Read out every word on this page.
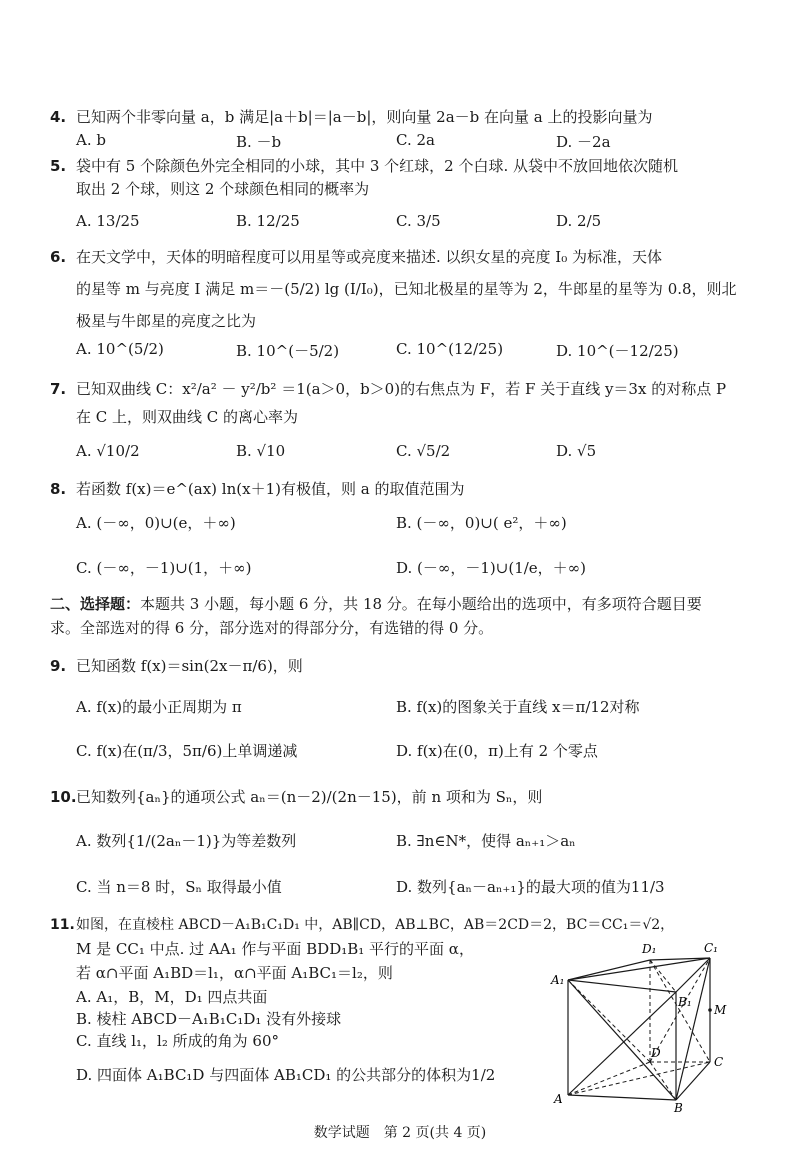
4. 已知两个非零向量 a，b 满足|a＋b|＝|a－b|，则向量 2a－b 在向量 a 上的投影向量为
A. b	B. －b	C. 2a	D. －2a
5. 袋中有 5 个除颜色外完全相同的小球，其中 3 个红球，2 个白球. 从袋中不放回地依次随机
取出 2 个球，则这 2 个球颜色相同的概率为
A. 13/25	B. 12/25	C. 3/5	D. 2/5
6. 在天文学中，天体的明暗程度可以用星等或亮度来描述. 以织女星的亮度 I₀ 为标准，天体
的星等 m 与亮度 I 满足 m＝－(5/2) lg (I/I₀)，已知北极星的星等为 2，牛郎星的星等为 0.8，则北
极星与牛郎星的亮度之比为
A. 10^(5/2)	B. 10^(－5/2)	C. 10^(12/25)	D. 10^(－12/25)
7. 已知双曲线 C：x²/a² － y²/b² ＝1(a＞0，b＞0)的右焦点为 F，若 F 关于直线 y＝3x 的对称点 P
在 C 上，则双曲线 C 的离心率为
A. √10/2	B. √10	C. √5/2	D. √5
8. 若函数 f(x)＝e^(ax) ln(x＋1)有极值，则 a 的取值范围为
A. (－∞，0)∪(e，＋∞)	B. (－∞，0)∪( e²，＋∞)
C. (－∞，－1)∪(1，＋∞)	D. (－∞，－1)∪(1/e，＋∞)
二、选择题：本题共 3 小题，每小题 6 分，共 18 分。在每小题给出的选项中，有多项符合题目要
求。全部选对的得 6 分，部分选对的得部分分，有选错的得 0 分。
9. 已知函数 f(x)＝sin(2x－π/6)，则
A. f(x)的最小正周期为 π	B. f(x)的图象关于直线 x＝π/12对称
C. f(x)在(π/3，5π/6)上单调递减	D. f(x)在(0，π)上有 2 个零点
10.已知数列{aₙ}的通项公式 aₙ＝(n－2)/(2n－15)，前 n 项和为 Sₙ，则
A. 数列{1/(2aₙ－1)}为等差数列	B. ∃n∈N*，使得 aₙ₊₁＞aₙ
C. 当 n＝8 时，Sₙ 取得最小值	D. 数列{aₙ－aₙ₊₁}的最大项的值为11/3
11.如图，在直棱柱 ABCD－A₁B₁C₁D₁ 中，AB∥CD，AB⊥BC，AB＝2CD＝2，BC＝CC₁＝√2，
M 是 CC₁ 中点. 过 AA₁ 作与平面 BDD₁B₁ 平行的平面 α，
若 α∩平面 A₁BD＝l₁，α∩平面 A₁BC₁＝l₂，则
A. A₁，B，M，D₁ 四点共面
B. 棱柱 ABCD－A₁B₁C₁D₁ 没有外接球
C. 直线 l₁，l₂ 所成的角为 60°
D. 四面体 A₁BC₁D 与四面体 AB₁CD₁ 的公共部分的体积为1/2
D₁	C₁
A₁
B₁
M
D
C
A
B
数学试题　第 2 页(共 4 页)
